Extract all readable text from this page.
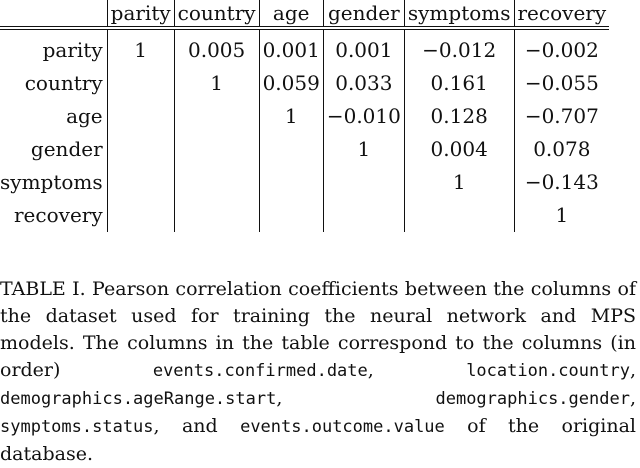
	parity	country	age	gender	symptoms	recovery
parity	1	0.005	0.001	0.001	−0.012	−0.002
country		1	0.059	0.033	0.161	−0.055
age			1	−0.010	0.128	−0.707
gender				1	0.004	0.078
symptoms					1	−0.143
recovery						1

TABLE I. Pearson correlation coefficients between the columns of the dataset used for training the neural network and MPS models. The columns in the table correspond to the columns (in order)	events.confirmed.date, location.country, demographics.ageRange.start, demographics.gender, symptoms.status, and events.outcome.value of the original database.
